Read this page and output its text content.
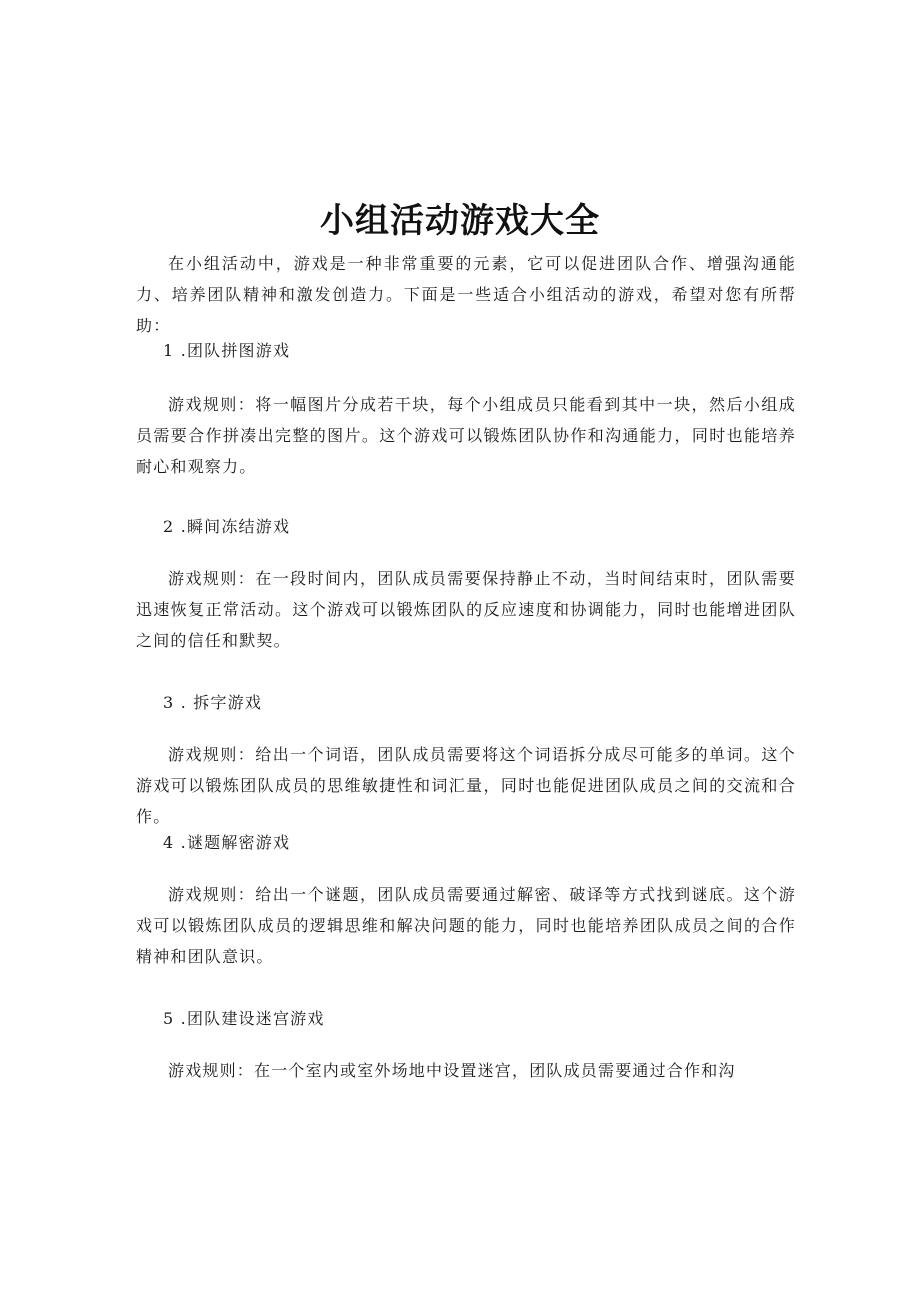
小组活动游戏大全

在小组活动中，游戏是一种非常重要的元素，它可以促进团队合作、增强沟通能力、培养团队精神和激发创造力。下面是一些适合小组活动的游戏，希望对您有所帮助：

1 .团队拼图游戏

游戏规则：将一幅图片分成若干块，每个小组成员只能看到其中一块，然后小组成员需要合作拼凑出完整的图片。这个游戏可以锻炼团队协作和沟通能力，同时也能培养耐心和观察力。

2 .瞬间冻结游戏

游戏规则：在一段时间内，团队成员需要保持静止不动，当时间结束时，团队需要迅速恢复正常活动。这个游戏可以锻炼团队的反应速度和协调能力，同时也能增进团队之间的信任和默契。

3 . 拆字游戏

游戏规则：给出一个词语，团队成员需要将这个词语拆分成尽可能多的单词。这个游戏可以锻炼团队成员的思维敏捷性和词汇量，同时也能促进团队成员之间的交流和合作。

4 .谜题解密游戏

游戏规则：给出一个谜题，团队成员需要通过解密、破译等方式找到谜底。这个游戏可以锻炼团队成员的逻辑思维和解决问题的能力，同时也能培养团队成员之间的合作精神和团队意识。

5 .团队建设迷宫游戏

游戏规则：在一个室内或室外场地中设置迷宫，团队成员需要通过合作和沟
